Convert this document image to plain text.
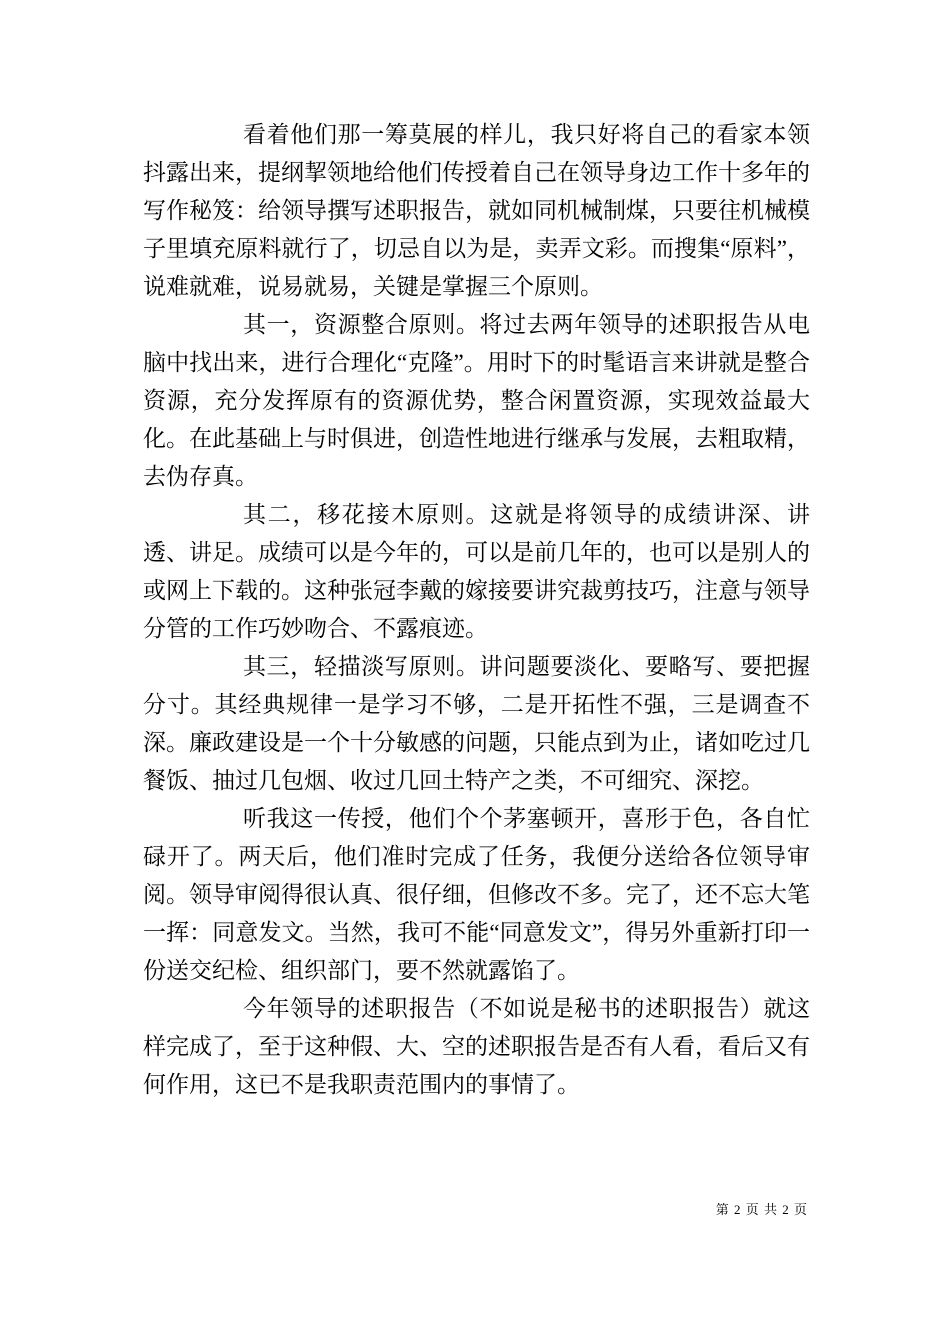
看着他们那一筹莫展的样儿，我只好将自己的看家本领抖露出来，提纲挈领地给他们传授着自己在领导身边工作十多年的写作秘笈：给领导撰写述职报告，就如同机械制煤，只要往机械模子里填充原料就行了，切忌自以为是，卖弄文彩。而搜集“原料”，说难就难，说易就易，关键是掌握三个原则。

其一，资源整合原则。将过去两年领导的述职报告从电脑中找出来，进行合理化“克隆”。用时下的时髦语言来讲就是整合资源，充分发挥原有的资源优势，整合闲置资源，实现效益最大化。在此基础上与时俱进，创造性地进行继承与发展，去粗取精，去伪存真。

其二，移花接木原则。这就是将领导的成绩讲深、讲透、讲足。成绩可以是今年的，可以是前几年的，也可以是别人的或网上下载的。这种张冠李戴的嫁接要讲究裁剪技巧，注意与领导分管的工作巧妙吻合、不露痕迹。

其三，轻描淡写原则。讲问题要淡化、要略写、要把握分寸。其经典规律一是学习不够，二是开拓性不强，三是调查不深。廉政建设是一个十分敏感的问题，只能点到为止，诸如吃过几餐饭、抽过几包烟、收过几回土特产之类，不可细究、深挖。

听我这一传授，他们个个茅塞顿开，喜形于色，各自忙碌开了。两天后，他们准时完成了任务，我便分送给各位领导审阅。领导审阅得很认真、很仔细，但修改不多。完了，还不忘大笔一挥：同意发文。当然，我可不能“同意发文”，得另外重新打印一份送交纪检、组织部门，要不然就露馅了。

今年领导的述职报告（不如说是秘书的述职报告）就这样完成了，至于这种假、大、空的述职报告是否有人看，看后又有何作用，这已不是我职责范围内的事情了。

第 2 页 共 2 页
